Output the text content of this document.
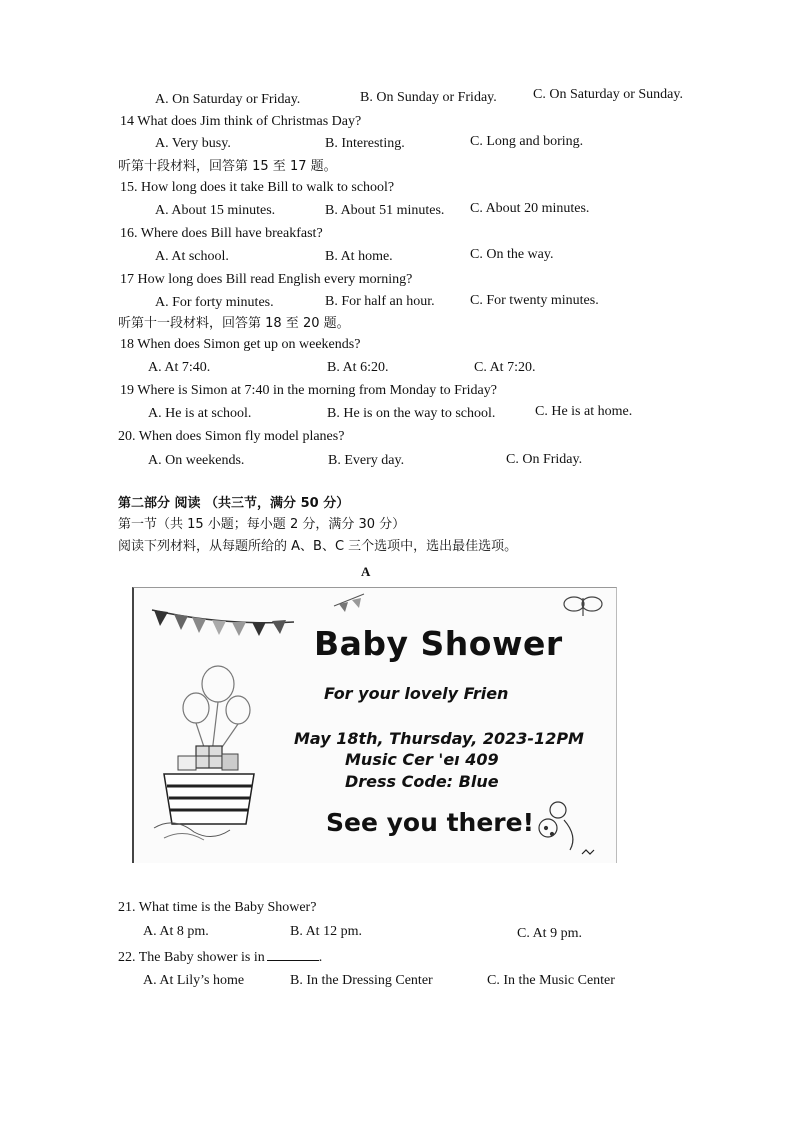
A. On Saturday or Friday.	B. On Sunday or Friday.	C. On Saturday or Sunday.
14 What does Jim think of Christmas Day?
A. Very busy.	B. Interesting.	C. Long and boring.
听第十段材料，回答第 15 至 17 题。
15. How long does it take Bill to walk to school?
A. About 15 minutes.	B. About 51 minutes. C. About 20 minutes.
16. Where does Bill have breakfast?
A. At school.	B. At home.	C. On the way.
17 How long does Bill read English every morning?
A. For forty minutes.	B. For half an hour.	C. For twenty minutes.
听第十一段材料，回答第 18 至 20 题。
18 When does Simon get up on weekends?
A. At 7:40.	B. At 6:20.	C. At 7:20.
19 Where is Simon at 7:40 in the morning from Monday to Friday?
A. He is at school.	B. He is on the way to school.	C. He is at home.
20. When does Simon fly model planes?
A. On weekends.	B. Every day.	C. On Friday.
第二部分 阅读 （共三节，满分 50 分）
第一节（共 15 小题；每小题 2 分，满分 30 分）
阅读下列材料，从每题所给的 A、B、C 三个选项中，选出最佳选项。
A
Baby Shower
For your lovely Frien
May 18th, Thursday, 2023-12PM
Music Cer 'eı 409
Dress Code: Blue
See you there!
21. What time is the Baby Shower?
A. At 8 pm.	B. At 12 pm.	C. At 9 pm.
22. The Baby shower is in	.
A. At Lily’s home	B. In the Dressing Center	C. In the Music Center
